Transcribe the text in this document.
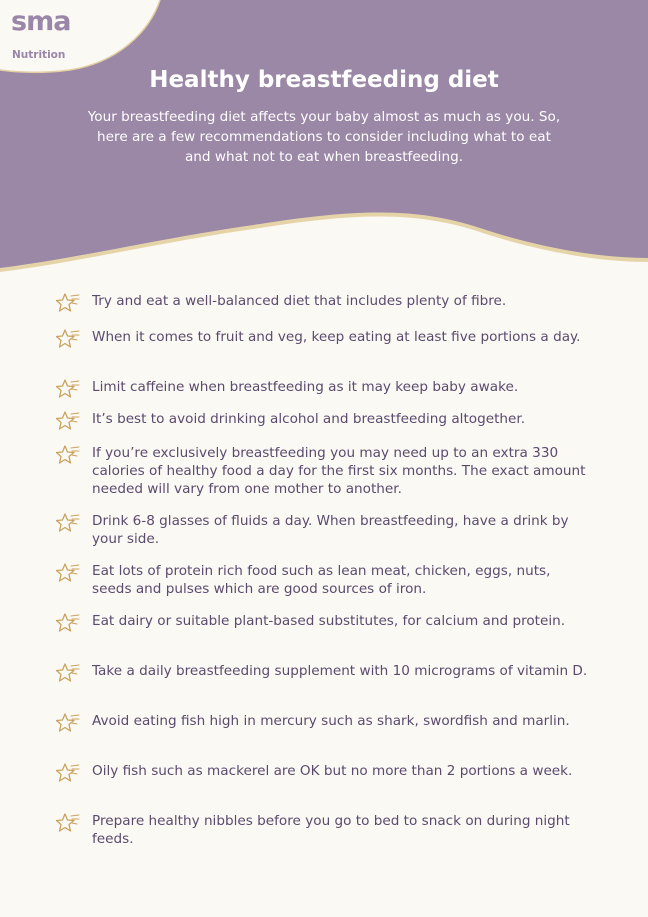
sma
Nutrition
Healthy breastfeeding diet

Your breastfeeding diet affects your baby almost as much as you. So, here are a few recommendations to consider including what to eat and what not to eat when breastfeeding.

Try and eat a well-balanced diet that includes plenty of fibre.
When it comes to fruit and veg, keep eating at least five portions a day.
Limit caffeine when breastfeeding as it may keep baby awake.
It’s best to avoid drinking alcohol and breastfeeding altogether.
If you’re exclusively breastfeeding you may need up to an extra 330 calories of healthy food a day for the first six months. The exact amount needed will vary from one mother to another.
Drink 6-8 glasses of fluids a day. When breastfeeding, have a drink by your side.
Eat lots of protein rich food such as lean meat, chicken, eggs, nuts, seeds and pulses which are good sources of iron.
Eat dairy or suitable plant-based substitutes, for calcium and protein.
Take a daily breastfeeding supplement with 10 micrograms of vitamin D.
Avoid eating fish high in mercury such as shark, swordfish and marlin.
Oily fish such as mackerel are OK but no more than 2 portions a week.
Prepare healthy nibbles before you go to bed to snack on during night feeds.
